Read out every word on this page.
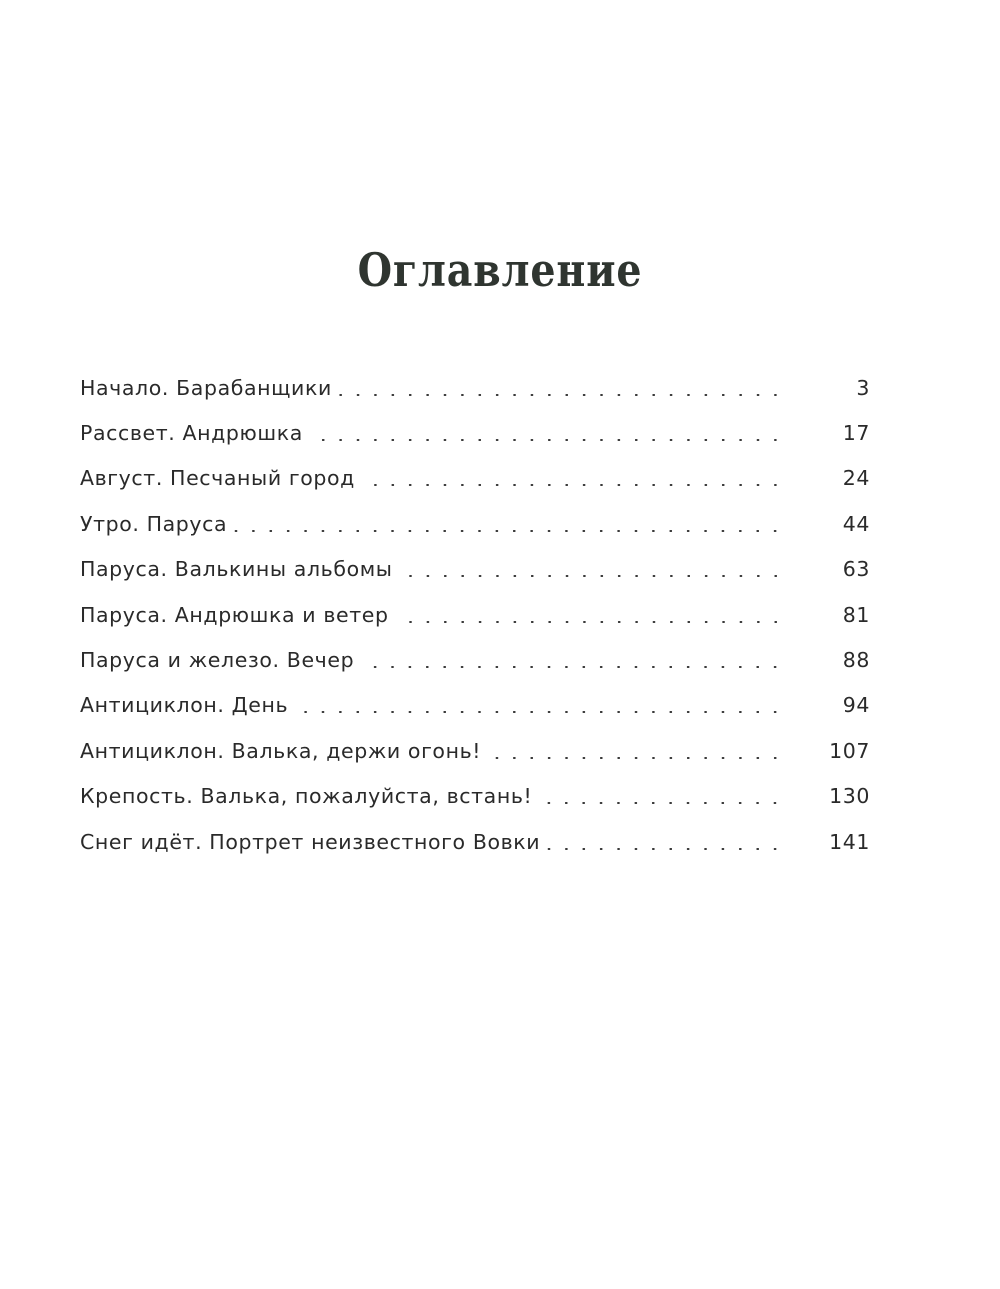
Оглавление
Начало. Барабанщики	3
Рассвет. Андрюшка	17
Август. Песчаный город	24
Утро. Паруса	44
Паруса. Валькины альбомы	63
Паруса. Андрюшка и ветер	81
Паруса и железо. Вечер	88
Антициклон. День	94
Антициклон. Валька, держи огонь!	107
Крепость. Валька, пожалуйста, встань!	130
Снег идёт. Портрет неизвестного Вовки	141
